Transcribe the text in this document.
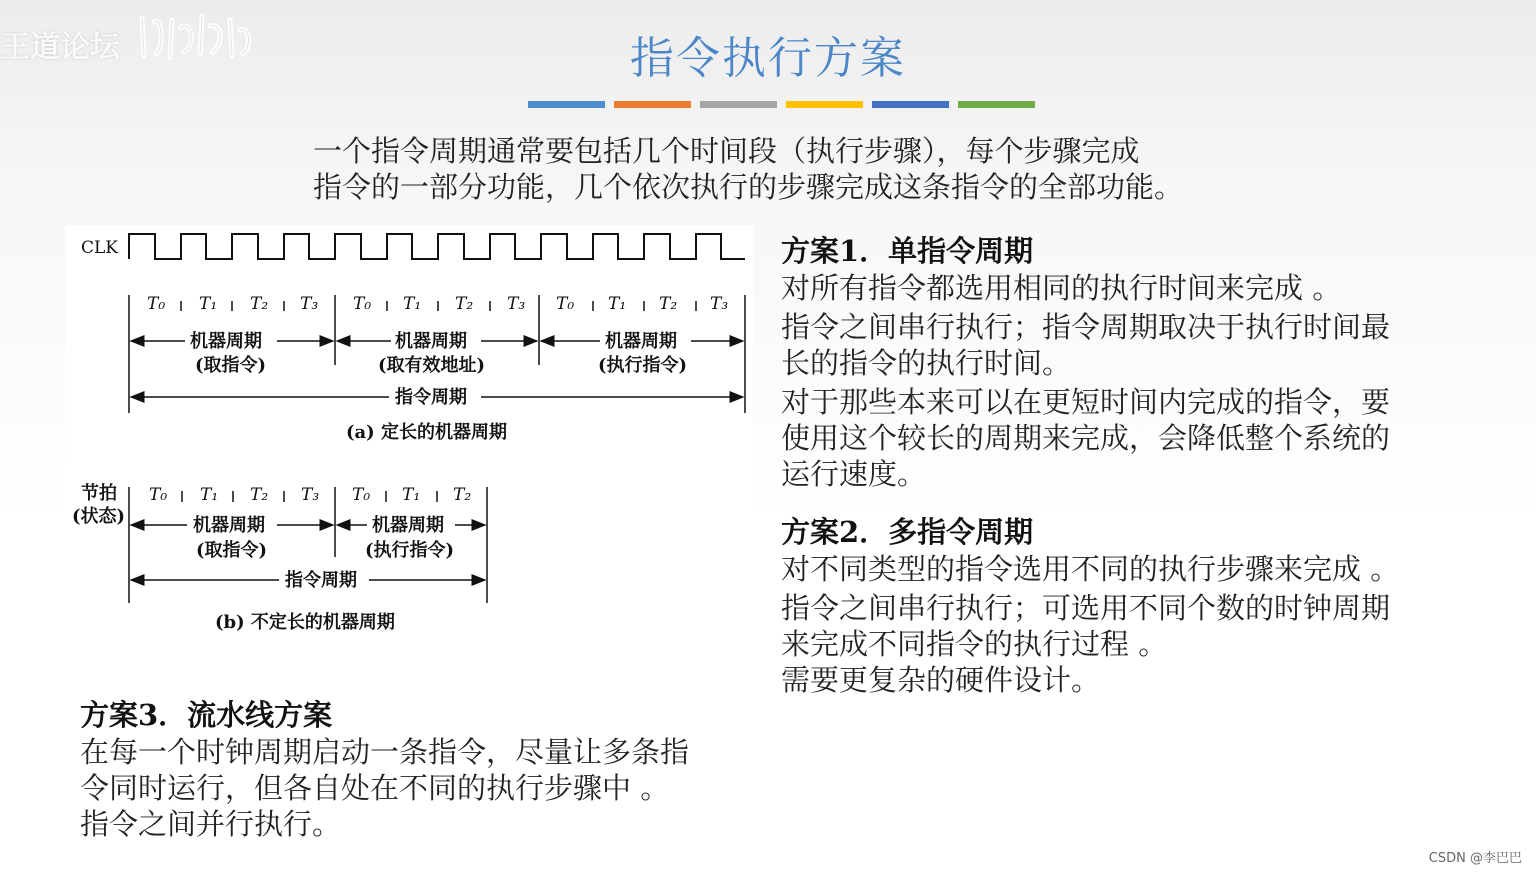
王道论坛	指令执行方案

一个指令周期通常要包括几个时间段（执行步骤），每个步骤完成

指令的一部分功能，几个依次执行的步骤完成这条指令的全部功能。

CLK
T₀ T₁ T₂ T₃ T₀ T₁ T₂ T₃ T₀ T₁ T₂ T₃
机器周期
(取指令)
机器周期
(取有效地址)
机器周期
(执行指令)
指令周期
(a) 定长的机器周期
节拍
(状态)
T₀ T₁ T₂ T₃ T₀ T₁ T₂
机器周期
(取指令)
机器周期
(执行指令)
指令周期
(b) 不定长的机器周期
方案1．单指令周期

对所有指令都选用相同的执行时间来完成 。

指令之间串行执行；指令周期取决于执行时间最

长的指令的执行时间。

对于那些本来可以在更短时间内完成的指令，要

使用这个较长的周期来完成，会降低整个系统的

运行速度。

方案2．多指令周期

对不同类型的指令选用不同的执行步骤来完成 。

指令之间串行执行；可选用不同个数的时钟周期

来完成不同指令的执行过程 。

需要更复杂的硬件设计。

方案3．流水线方案

在每一个时钟周期启动一条指令，尽量让多条指

令同时运行，但各自处在不同的执行步骤中 。

指令之间并行执行。

CSDN @李巴巴
